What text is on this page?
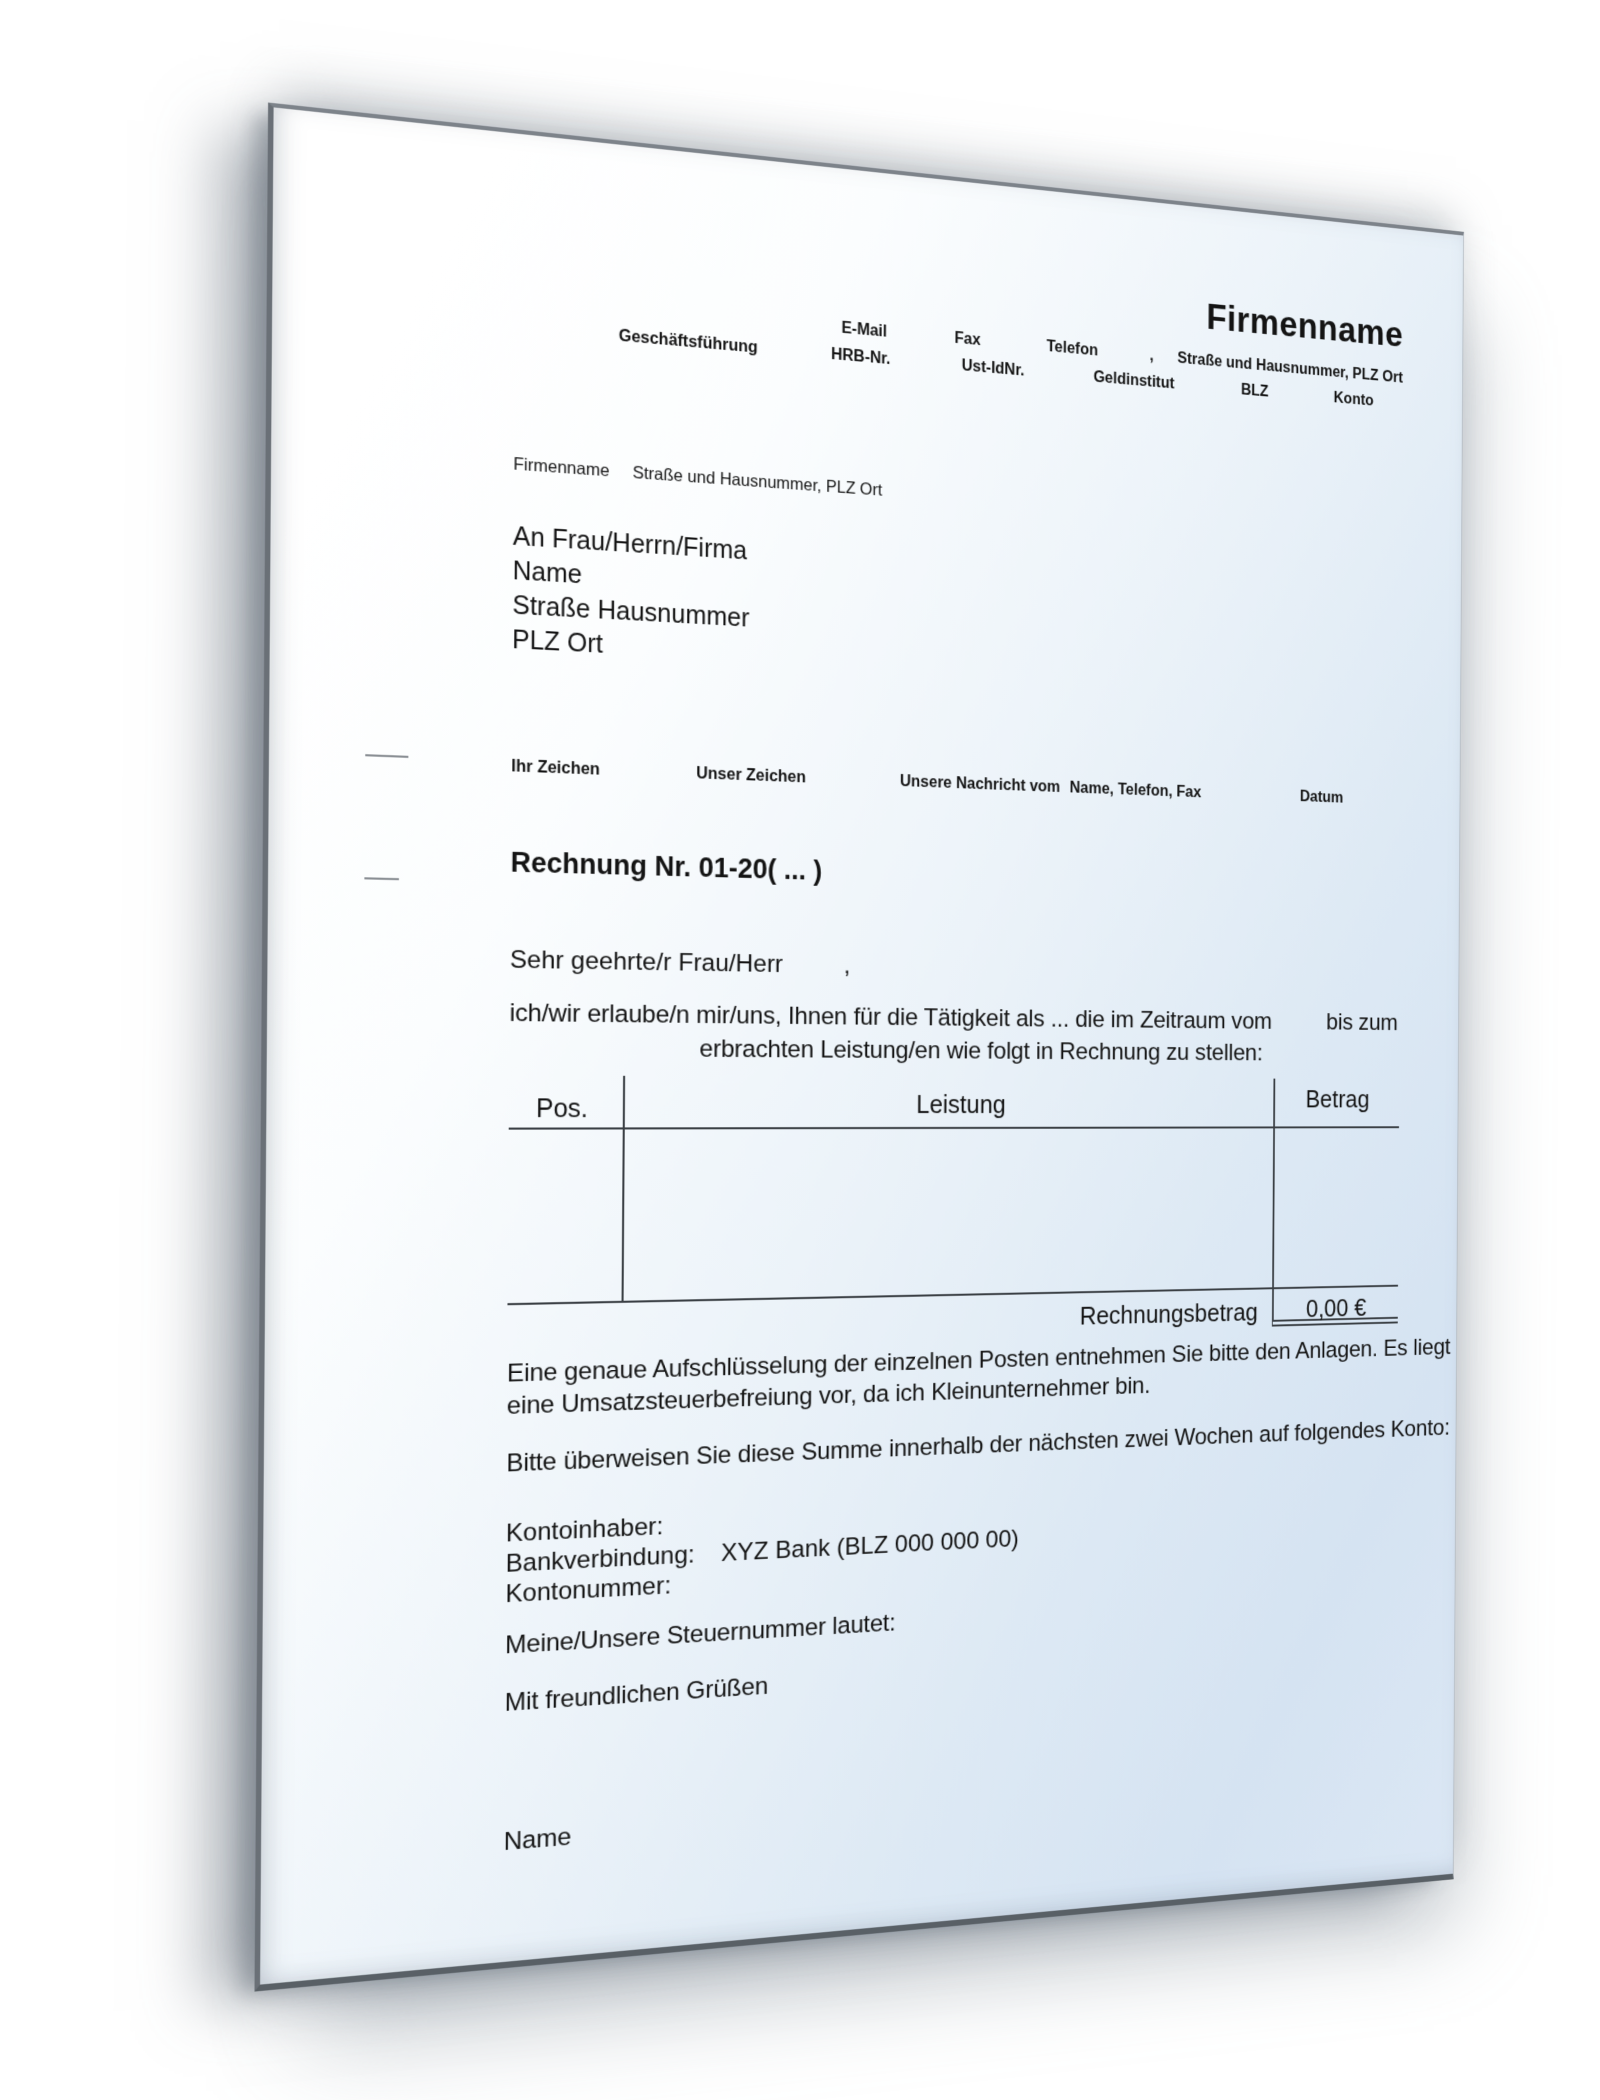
Firmenname
E-Mail	Fax	Telefon	, Straße und Hausnummer, PLZ Ort
Geschäftsführung HRB-Nr. Ust-IdNr. Geldinstitut	BLZ	Konto
Firmenname Straße und Hausnummer, PLZ Ort
An Frau/Herrn/Firma
Name
Straße Hausnummer
PLZ Ort
Ihr Zeichen	Unser Zeichen	Unsere Nachricht vom Name, Telefon, Fax	Datum
Rechnung Nr. 01-20( ... )
Sehr geehrte/r Frau/Herr ,
ich/wir erlaube/n mir/uns, Ihnen für die Tätigkeit als ... die im Zeitraum vom bis zum
erbrachten Leistung/en wie folgt in Rechnung zu stellen:
Pos.	Leistung	Betrag
Rechnungsbetrag	0,00 €
Eine genaue Aufschlüsselung der einzelnen Posten entnehmen Sie bitte den Anlagen. Es liegt eine Umsatzsteuerbefreiung vor, da ich Kleinunternehmer bin.
Bitte überweisen Sie diese Summe innerhalb der nächsten zwei Wochen auf folgendes Konto:
Kontoinhaber:
Bankverbindung:	XYZ Bank (BLZ 000 000 00)
Kontonummer:
Meine/Unsere Steuernummer lautet:
Mit freundlichen Grüßen
Name
